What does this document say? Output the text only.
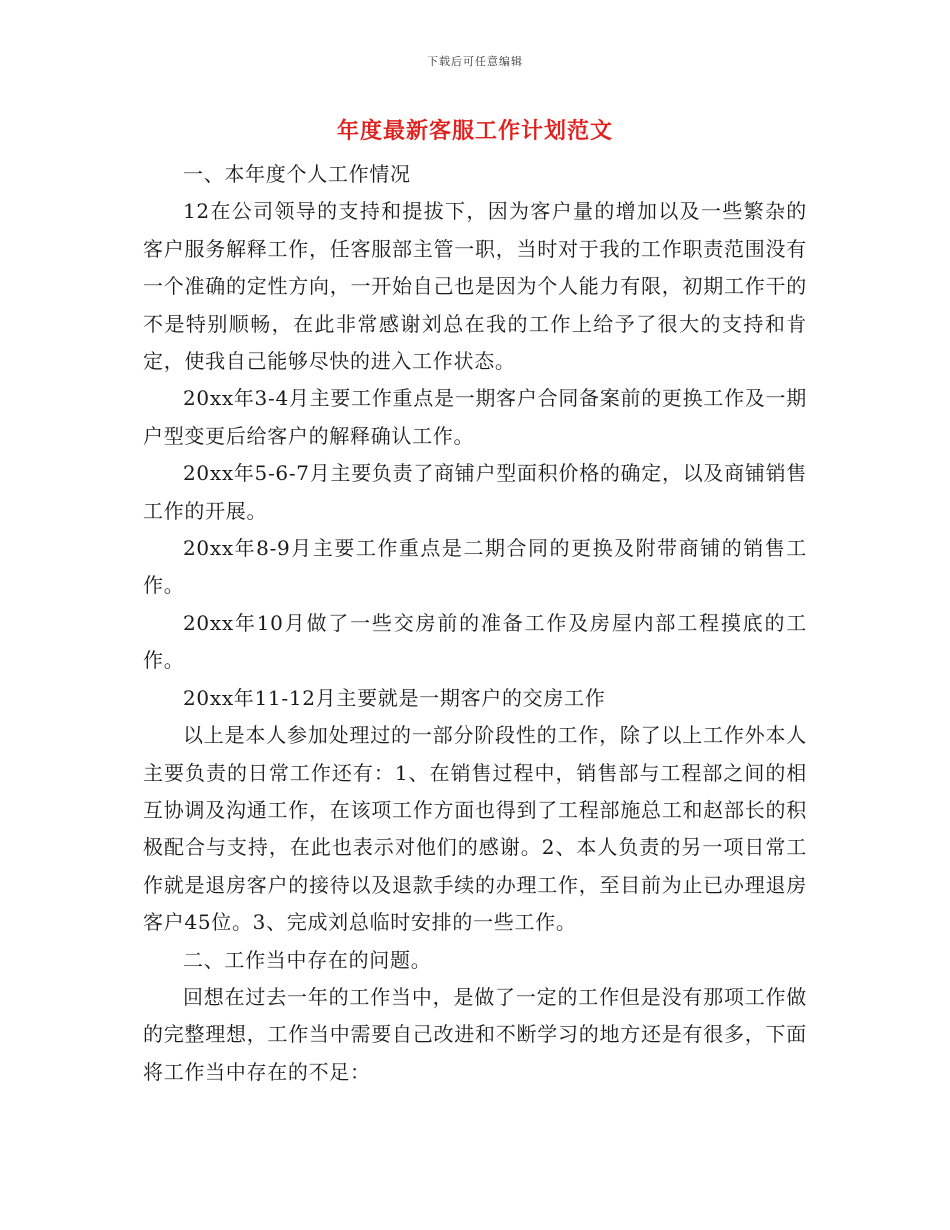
下载后可任意编辑
年度最新客服工作计划范文

一、本年度个人工作情况

12在公司领导的支持和提拔下，因为客户量的增加以及一些繁杂的客户服务解释工作，任客服部主管一职，当时对于我的工作职责范围没有一个准确的定性方向，一开始自己也是因为个人能力有限，初期工作干的不是特别顺畅，在此非常感谢刘总在我的工作上给予了很大的支持和肯定，使我自己能够尽快的进入工作状态。

20xx年3-4月主要工作重点是一期客户合同备案前的更换工作及一期户型变更后给客户的解释确认工作。

20xx年5-6-7月主要负责了商铺户型面积价格的确定，以及商铺销售工作的开展。

20xx年8-9月主要工作重点是二期合同的更换及附带商铺的销售工作。

20xx年10月做了一些交房前的准备工作及房屋内部工程摸底的工作。

20xx年11-12月主要就是一期客户的交房工作

以上是本人参加处理过的一部分阶段性的工作，除了以上工作外本人主要负责的日常工作还有：1、在销售过程中，销售部与工程部之间的相互协调及沟通工作，在该项工作方面也得到了工程部施总工和赵部长的积极配合与支持，在此也表示对他们的感谢。2、本人负责的另一项日常工作就是退房客户的接待以及退款手续的办理工作，至目前为止已办理退房客户45位。3、完成刘总临时安排的一些工作。

二、工作当中存在的问题。

回想在过去一年的工作当中，是做了一定的工作但是没有那项工作做的完整理想，工作当中需要自己改进和不断学习的地方还是有很多，下面将工作当中存在的不足：
